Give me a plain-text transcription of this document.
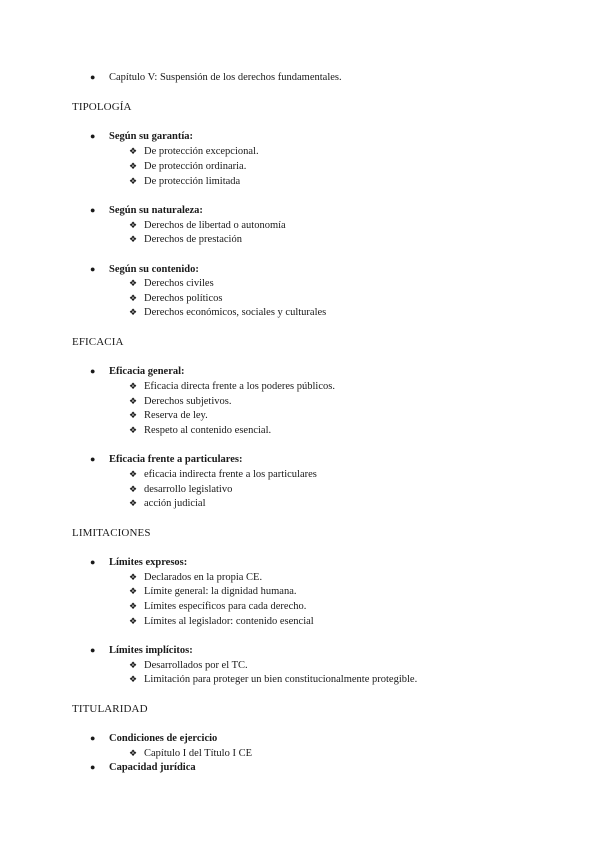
● Capítulo V: Suspensión de los derechos fundamentales.
TIPOLOGÍA
● Según su garantía:
❖ De protección excepcional.
❖ De protección ordinaria.
❖ De protección limitada
● Según su naturaleza:
❖ Derechos de libertad o autonomía
❖ Derechos de prestación
● Según su contenido:
❖ Derechos civiles
❖ Derechos políticos
❖ Derechos económicos, sociales y culturales
EFICACIA
● Eficacia general:
❖ Eficacia directa frente a los poderes públicos.
❖ Derechos subjetivos.
❖ Reserva de ley.
❖ Respeto al contenido esencial.
● Eficacia frente a particulares:
❖ eficacia indirecta frente a los particulares
❖ desarrollo legislativo
❖ acción judicial
LIMITACIONES
● Límites expresos:
❖ Declarados en la propia CE.
❖ Límite general: la dignidad humana.
❖ Límites específicos para cada derecho.
❖ Límites al legislador: contenido esencial
● Límites implícitos:
❖ Desarrollados por el TC.
❖ Limitación para proteger un bien constitucionalmente protegible.
TITULARIDAD
● Condiciones de ejercicio
❖ Capítulo I del Título I CE
● Capacidad jurídica
